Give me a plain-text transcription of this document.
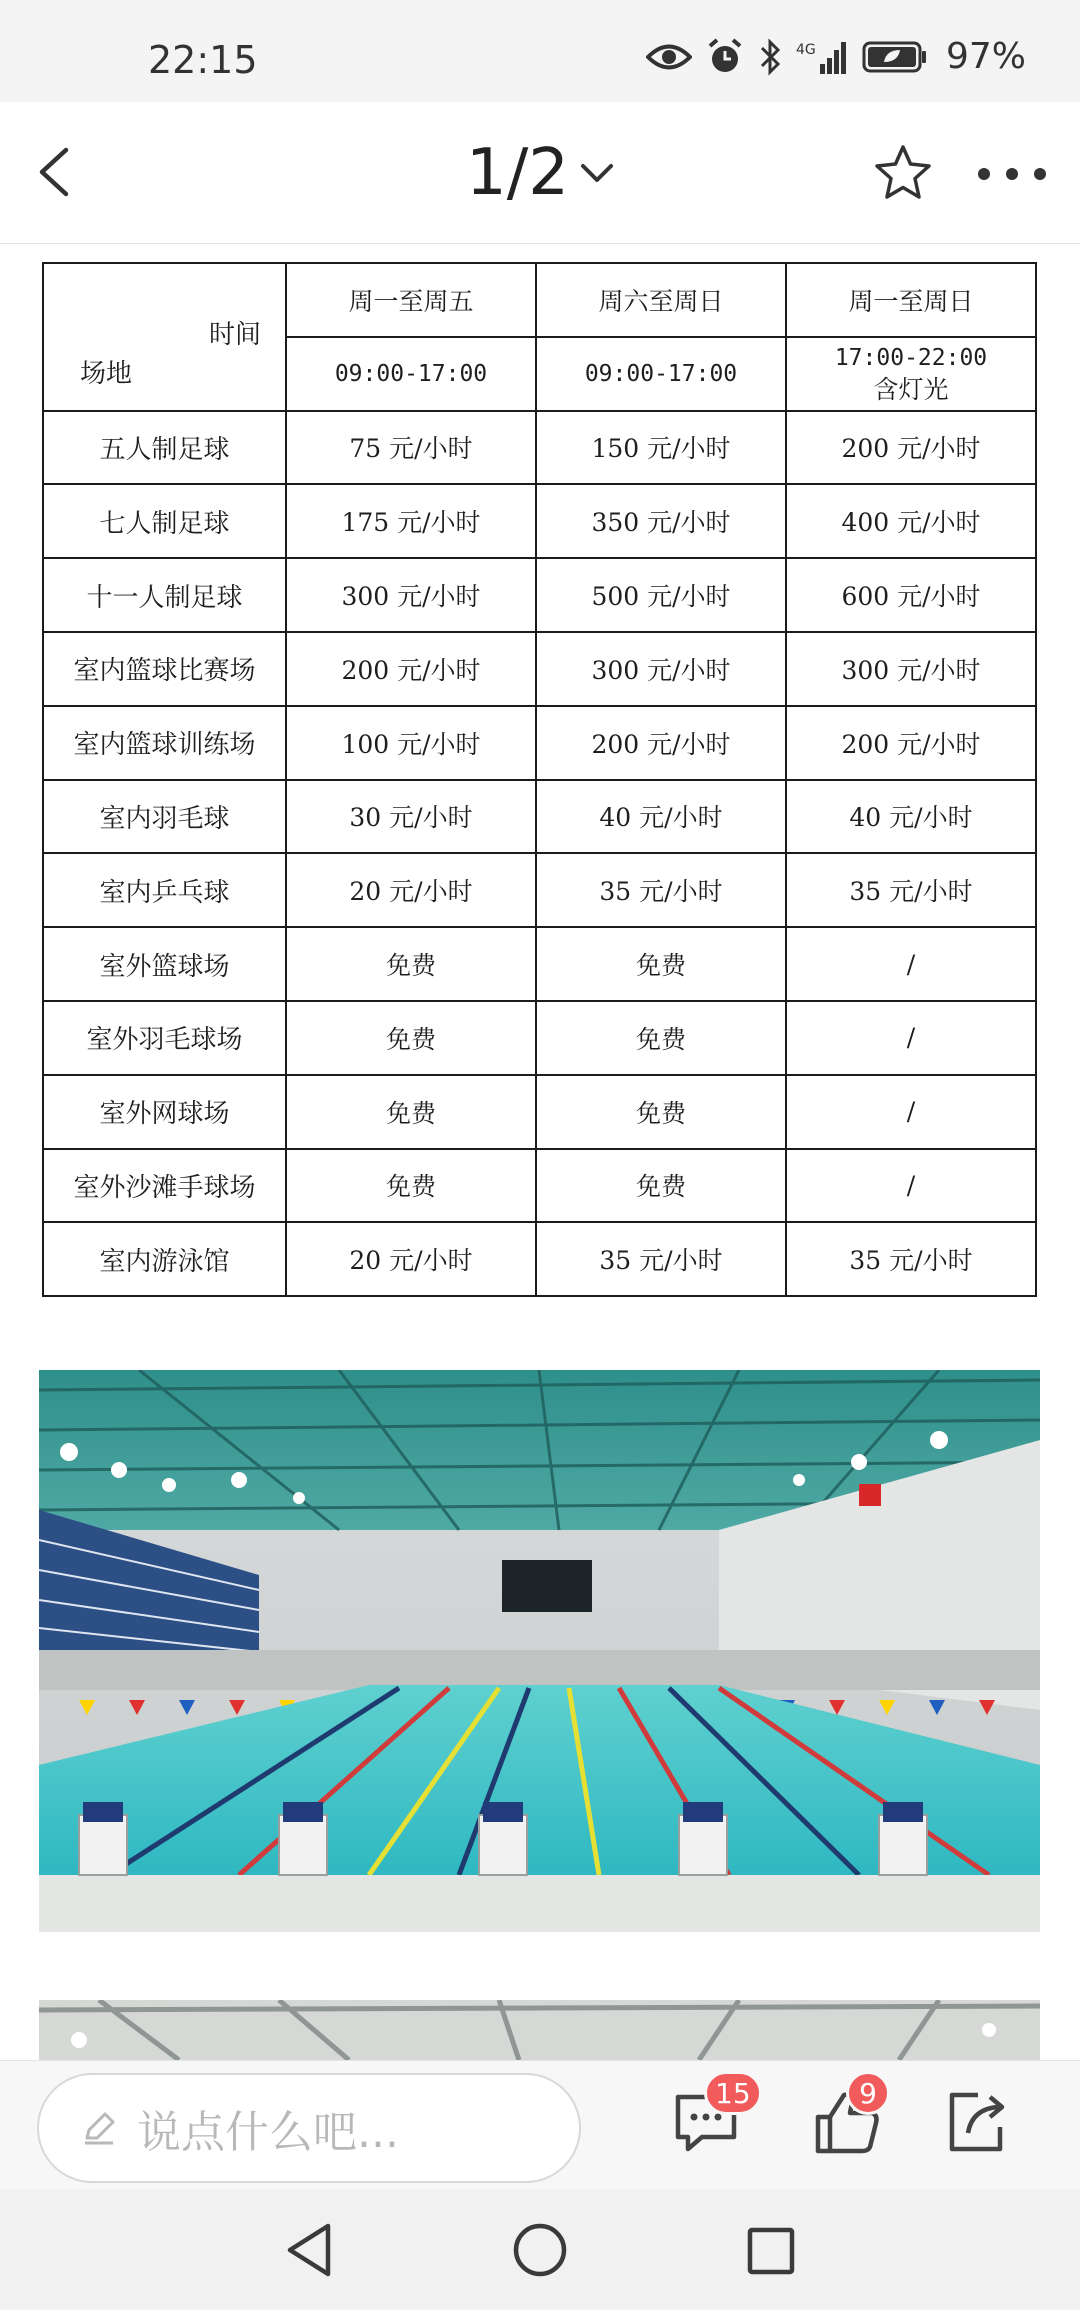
22:15	4G	97%
1/2
时间
场地	周一至周五	周六至周日	周一至周日
	09:00-17:00	09:00-17:00	17:00-22:00
含灯光

五人制足球	75 元/小时	150 元/小时	200 元/小时
七人制足球	175 元/小时	350 元/小时	400 元/小时
十一人制足球	300 元/小时	500 元/小时	600 元/小时
室内篮球比赛场	200 元/小时	300 元/小时	300 元/小时
室内篮球训练场	100 元/小时	200 元/小时	200 元/小时
室内羽毛球	30 元/小时	40 元/小时	40 元/小时
室内乒乓球	20 元/小时	35 元/小时	35 元/小时
室外篮球场	免费	免费	/
室外羽毛球场	免费	免费	/
室外网球场	免费	免费	/
室外沙滩手球场	免费	免费	/
室内游泳馆	20 元/小时	35 元/小时	35 元/小时
说点什么吧...
15	9
